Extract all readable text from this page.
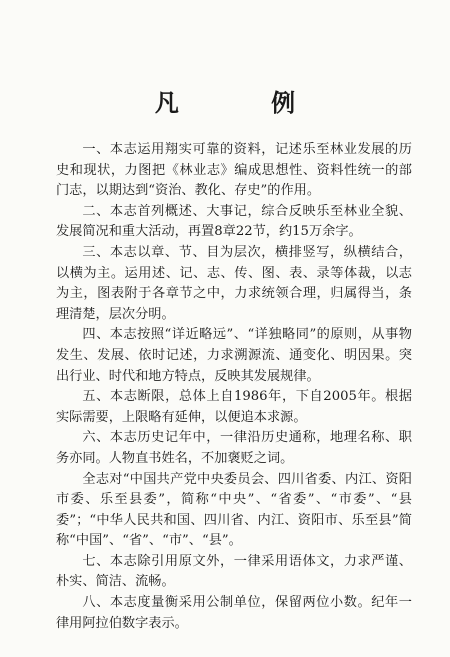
凡 例

一、本志运用翔实可靠的资料，记述乐至林业发展的历史和现状，力图把《林业志》编成思想性、资料性统一的部门志，以期达到“资治、教化、存史”的作用。

二、本志首列概述、大事记，综合反映乐至林业全貌、发展简况和重大活动，再置8章22节，约15万余字。

三、本志以章、节、目为层次，横排竖写，纵横结合，以横为主。运用述、记、志、传、图、表、录等体裁，以志为主，图表附于各章节之中，力求统领合理，归属得当，条理清楚，层次分明。

四、本志按照“详近略远”、“详独略同”的原则，从事物发生、发展、依时记述，力求溯源流、通变化、明因果。突出行业、时代和地方特点，反映其发展规律。

五、本志断限，总体上自1986年，下自2005年。根据实际需要，上限略有延伸，以便追本求源。

六、本志历史记年中，一律沿历史通称，地理名称、职务亦同。人物直书姓名，不加褒贬之词。

全志对“中国共产党中央委员会、四川省委、内江、资阳市委、乐至县委”，简称“中央”、“省委”、“市委”、“县委”；“中华人民共和国、四川省、内江、资阳市、乐至县”简称“中国”、“省”、“市”、“县”。

七、本志除引用原文外，一律采用语体文，力求严谨、朴实、简洁、流畅。

八、本志度量衡采用公制单位，保留两位小数。纪年一律用阿拉伯数字表示。
